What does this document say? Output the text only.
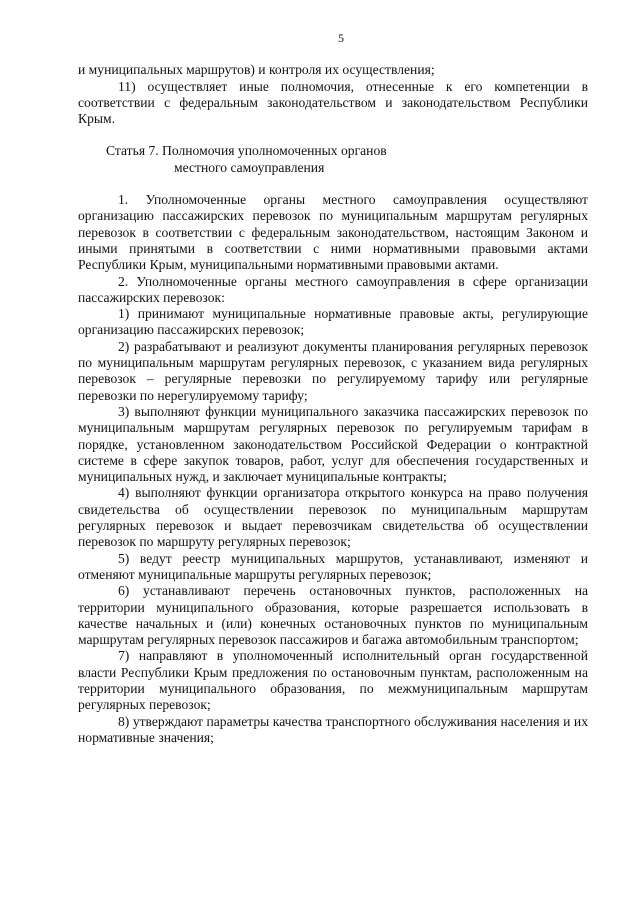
5

и муниципальных маршрутов) и контроля их осуществления;

11) осуществляет иные полномочия, отнесенные к его компетенции в соответствии с федеральным законодательством и законодательством Республики Крым.

Статья 7. Полномочия уполномоченных органов
местного самоуправления

1. Уполномоченные органы местного самоуправления осуществляют организацию пассажирских перевозок по муниципальным маршрутам регулярных перевозок в соответствии с федеральным законодательством, настоящим Законом и иными принятыми в соответствии с ними нормативными правовыми актами Республики Крым, муниципальными нормативными правовыми актами.

2. Уполномоченные органы местного самоуправления в сфере организации пассажирских перевозок:

1) принимают муниципальные нормативные правовые акты, регулирующие организацию пассажирских перевозок;

2) разрабатывают и реализуют документы планирования регулярных перевозок по муниципальным маршрутам регулярных перевозок, с указанием вида регулярных перевозок – регулярные перевозки по регулируемому тарифу или регулярные перевозки по нерегулируемому тарифу;

3) выполняют функции муниципального заказчика пассажирских перевозок по муниципальным маршрутам регулярных перевозок по регулируемым тарифам в порядке, установленном законодательством Российской Федерации о контрактной системе в сфере закупок товаров, работ, услуг для обеспечения государственных и муниципальных нужд, и заключает муниципальные контракты;

4) выполняют функции организатора открытого конкурса на право получения свидетельства об осуществлении перевозок по муниципальным маршрутам регулярных перевозок и выдает перевозчикам свидетельства об осуществлении перевозок по маршруту регулярных перевозок;

5) ведут реестр муниципальных маршрутов, устанавливают, изменяют и отменяют муниципальные маршруты регулярных перевозок;

6) устанавливают перечень остановочных пунктов, расположенных на территории муниципального образования, которые разрешается использовать в качестве начальных и (или) конечных остановочных пунктов по муниципальным маршрутам регулярных перевозок пассажиров и багажа автомобильным транспортом;

7) направляют в уполномоченный исполнительный орган государственной власти Республики Крым предложения по остановочным пунктам, расположенным на территории муниципального образования, по межмуниципальным маршрутам регулярных перевозок;

8) утверждают параметры качества транспортного обслуживания населения и их нормативные значения;
